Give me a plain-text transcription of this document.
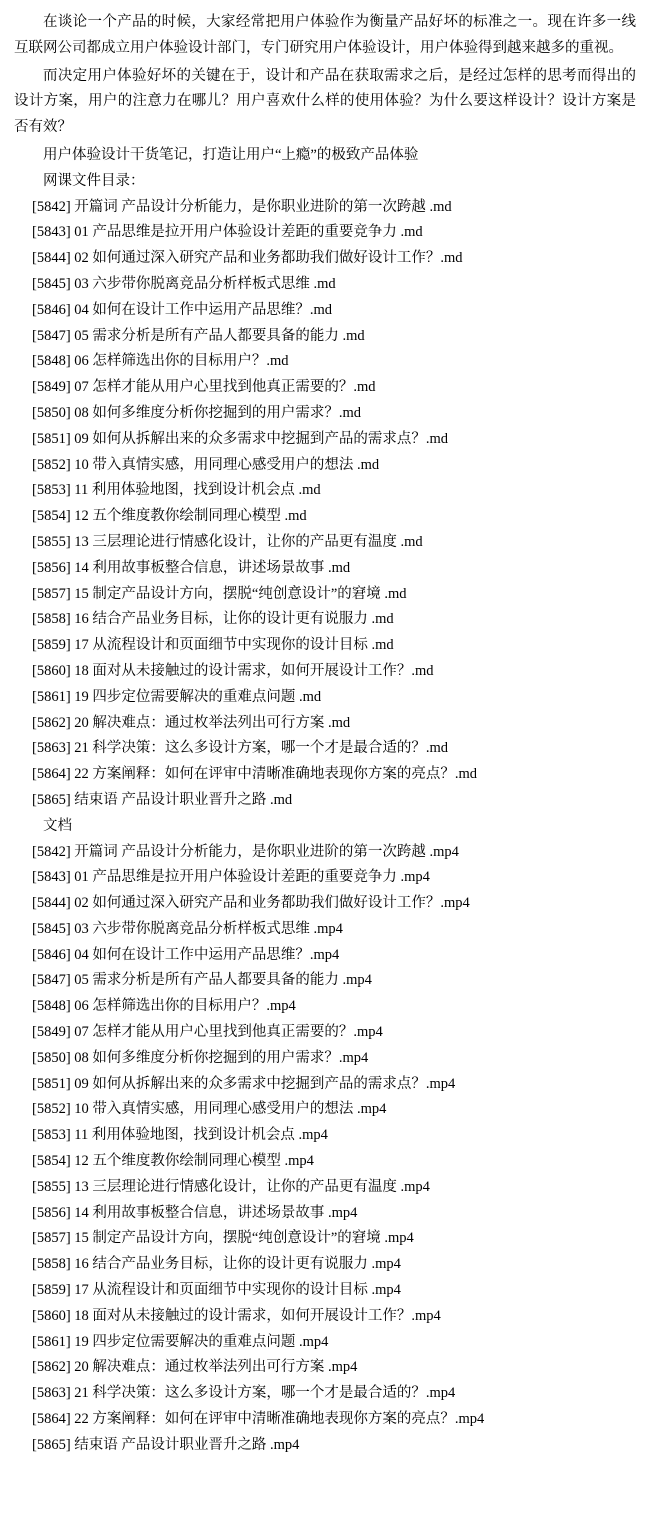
在谈论一个产品的时候，大家经常把用户体验作为衡量产品好坏的标准之一。现在许多一线互联网公司都成立用户体验设计部门，专门研究用户体验设计，用户体验得到越来越多的重视。

而决定用户体验好坏的关键在于，设计和产品在获取需求之后，是经过怎样的思考而得出的设计方案，用户的注意力在哪儿？用户喜欢什么样的使用体验？为什么要这样设计？设计方案是否有效？

用户体验设计干货笔记，打造让用户“上瘾”的极致产品体验

网课文件目录：

[5842] 开篇词 产品设计分析能力，是你职业进阶的第一次跨越 .md
[5843] 01 产品思维是拉开用户体验设计差距的重要竞争力 .md
[5844] 02 如何通过深入研究产品和业务都助我们做好设计工作？.md
[5845] 03 六步带你脱离竞品分析样板式思维 .md
[5846] 04 如何在设计工作中运用产品思维？.md
[5847] 05 需求分析是所有产品人都要具备的能力 .md
[5848] 06 怎样筛选出你的目标用户？.md
[5849] 07 怎样才能从用户心里找到他真正需要的？.md
[5850] 08 如何多维度分析你挖掘到的用户需求？.md
[5851] 09 如何从拆解出来的众多需求中挖掘到产品的需求点？.md
[5852] 10 带入真情实感，用同理心感受用户的想法 .md
[5853] 11 利用体验地图，找到设计机会点 .md
[5854] 12 五个维度教你绘制同理心模型 .md
[5855] 13 三层理论进行情感化设计，让你的产品更有温度 .md
[5856] 14 利用故事板整合信息，讲述场景故事 .md
[5857] 15 制定产品设计方向，摆脱“纯创意设计”的窘境 .md
[5858] 16 结合产品业务目标，让你的设计更有说服力 .md
[5859] 17 从流程设计和页面细节中实现你的设计目标 .md
[5860] 18 面对从未接触过的设计需求，如何开展设计工作？.md
[5861] 19 四步定位需要解决的重难点问题 .md
[5862] 20 解决难点：通过枚举法列出可行方案 .md
[5863] 21 科学决策：这么多设计方案，哪一个才是最合适的？.md
[5864] 22 方案阐释：如何在评审中清晰准确地表现你方案的亮点？.md
[5865] 结束语 产品设计职业晋升之路 .md

文档

[5842] 开篇词 产品设计分析能力，是你职业进阶的第一次跨越 .mp4
[5843] 01 产品思维是拉开用户体验设计差距的重要竞争力 .mp4
[5844] 02 如何通过深入研究产品和业务都助我们做好设计工作？.mp4
[5845] 03 六步带你脱离竞品分析样板式思维 .mp4
[5846] 04 如何在设计工作中运用产品思维？.mp4
[5847] 05 需求分析是所有产品人都要具备的能力 .mp4
[5848] 06 怎样筛选出你的目标用户？.mp4
[5849] 07 怎样才能从用户心里找到他真正需要的？.mp4
[5850] 08 如何多维度分析你挖掘到的用户需求？.mp4
[5851] 09 如何从拆解出来的众多需求中挖掘到产品的需求点？.mp4
[5852] 10 带入真情实感，用同理心感受用户的想法 .mp4
[5853] 11 利用体验地图，找到设计机会点 .mp4
[5854] 12 五个维度教你绘制同理心模型 .mp4
[5855] 13 三层理论进行情感化设计，让你的产品更有温度 .mp4
[5856] 14 利用故事板整合信息，讲述场景故事 .mp4
[5857] 15 制定产品设计方向，摆脱“纯创意设计”的窘境 .mp4
[5858] 16 结合产品业务目标，让你的设计更有说服力 .mp4
[5859] 17 从流程设计和页面细节中实现你的设计目标 .mp4
[5860] 18 面对从未接触过的设计需求，如何开展设计工作？.mp4
[5861] 19 四步定位需要解决的重难点问题 .mp4
[5862] 20 解决难点：通过枚举法列出可行方案 .mp4
[5863] 21 科学决策：这么多设计方案，哪一个才是最合适的？.mp4
[5864] 22 方案阐释：如何在评审中清晰准确地表现你方案的亮点？.mp4
[5865] 结束语 产品设计职业晋升之路 .mp4
